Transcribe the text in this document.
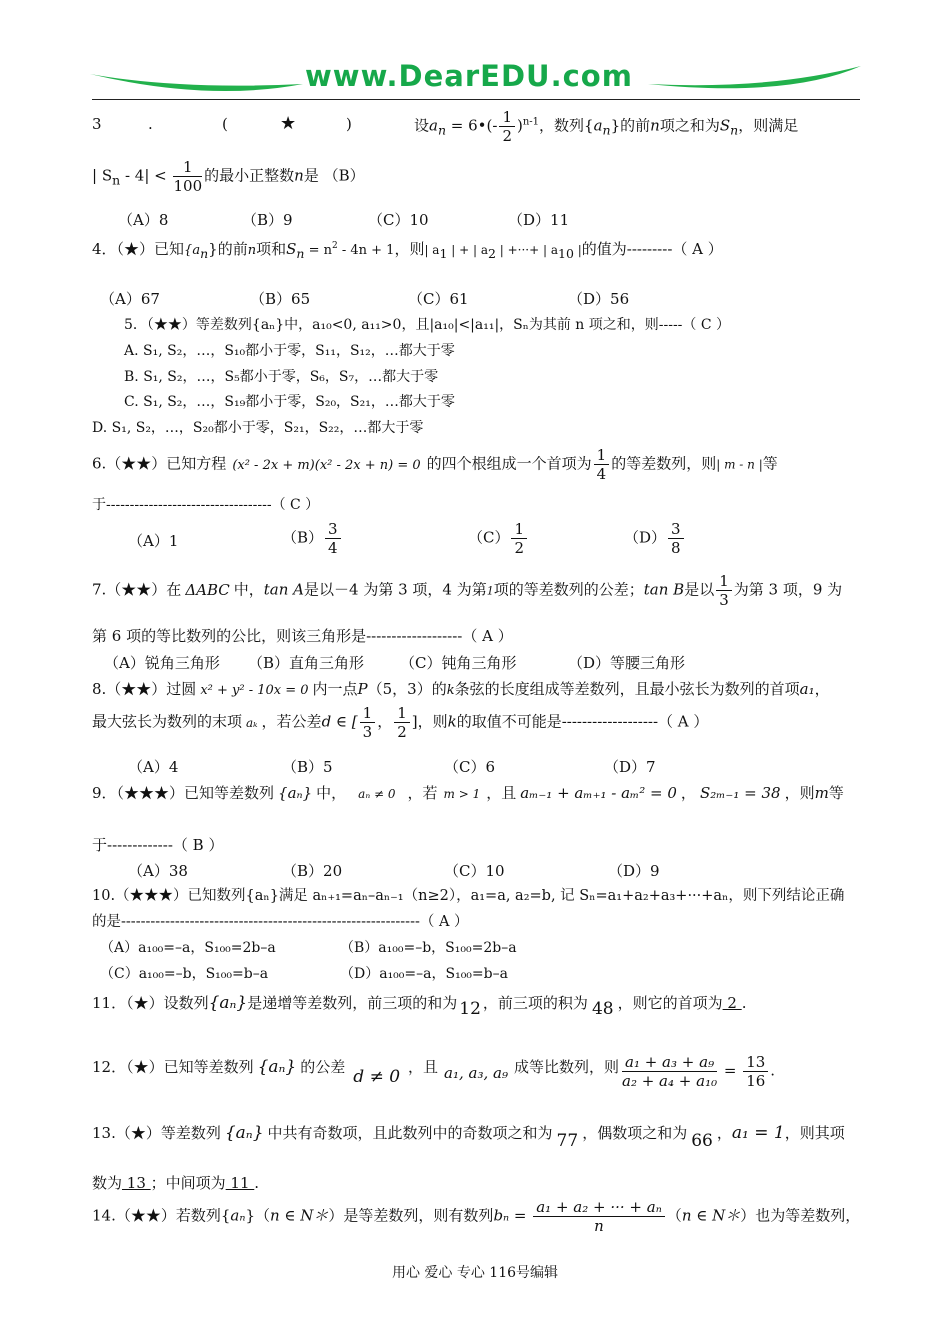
www.DearEDU.com
3	.	(	★	)	设$a_n$ = 6•(- $\frac{1}{2} )^{n-1}$，数列$\{a_n\}$的前n项之和为$S_n$，则满足
| $S_n - 4| < \frac{1}{100}$ 的最小正整数n是 （B）
（A）8	（B）9	（C）10	（D）11
4．（★）已知$\{a_n\}$的前n项和$S_n = n^2 - 4n + 1$，则| $a_1$ | + | $a_2$ | +···+ | $a_{10}$ |的值为---------（ A ）
（A）67	（B）65	（C）61	（D）56
5．（★★）等差数列{aₙ}中，a₁₀<0, a₁₁>0，且|a₁₀|<|a₁₁|，Sₙ为其前 n 项之和，则-----（ C ）
A. S₁, S₂，…，S₁₀都小于零，S₁₁，S₁₂，…都大于零
B. S₁, S₂，…，S₅都小于零，S₆，S₇，…都大于零
C. S₁, S₂，…，S₁₉都小于零，S₂₀，S₂₁，…都大于零
D. S₁, S₂，…，S₂₀都小于零，S₂₁，S₂₂，…都大于零
6.（★★）已知方程 (x² - 2x + m)(x² - 2x + n) = 0 的四个根组成一个首项为 $\frac{1}{4}$ 的等差数列，则| m - n |等
于-----------------------------------（ C ）
（A）1	$(B) \frac{3}{4}$	$(C) \frac{1}{2}$	$(D) \frac{3}{8}$
7.（★★）在 ΔABC 中，tan A是以－4 为第 3 项，4 为第1项的等差数列的公差；tan B是以 $\frac{1}{3}$ 为第 3 项，9 为
第 6 项的等比数列的公比，则该三角形是-------------------（ A ）
（A）锐角三角形 （B）直角三角形 （C）钝角三角形	（D）等腰三角形
8.（★★）过圆 x² + y² - 10x = 0 内一点P（5，3）的k条弦的长度组成等差数列，且最小弦长为数列的首项a₁，
最大弦长为数列的末项 aₖ ，若公差d ∈ [ $\frac{1}{3}$ ， $\frac{1}{2}$ ]，则k的取值不可能是-------------------（ A ）
（A）4	（B）5	（C）6	（D）7
9．（★★★）已知等差数列 {aₙ} 中， aₙ ≠ 0 ，若 m > 1 ，且 aₘ₋₁ + aₘ₊₁ - aₘ² = 0 ， S₂ₘ₋₁ = 38 ，则m等
于-------------（ B ）
（A）38	（B）20	（C）10	（D）9
10.（★★★）已知数列{aₙ}满足 aₙ₊₁=aₙ–aₙ₋₁（n≥2），a₁=a, a₂=b, 记 Sₙ=a₁+a₂+a₃+···+aₙ，则下列结论正确
的是-------------------------------------------------------------（ A ）
（A）a₁₀₀=–a，S₁₀₀=2b–a	（B）a₁₀₀=–b，S₁₀₀=2b–a
（C）a₁₀₀=–b，S₁₀₀=b–a	（D）a₁₀₀=–a，S₁₀₀=b–a
11．（★）设数列{aₙ}是递增等差数列，前三项的和为 12 ，前三项的积为 48 ，则它的首项为 2 .
12．（★）已知等差数列 {aₙ} 的公差 d ≠ 0 ，且 a₁, a₃, a₉ 成等比数列，则 $\frac{\text{a₁ + a₃ + a₉}}{\text{a₂ + a₄ + a₁₀}} = \frac{13}{16}$ .
13.（★）等差数列 {aₙ} 中共有奇数项，且此数列中的奇数项之和为 77 ，偶数项之和为 66 ，a₁ = 1，则其项
数为 13 ；中间项为 11 .
14.（★★）若数列{aₙ}（n ∈ N＊）是等差数列，则有数列$b_n = \frac{\text{a₁ + a₂ + ··· + aₙ}}{n} (n$ ∈ N＊）也为等差数列，
用心 爱心 专心 116号编辑
